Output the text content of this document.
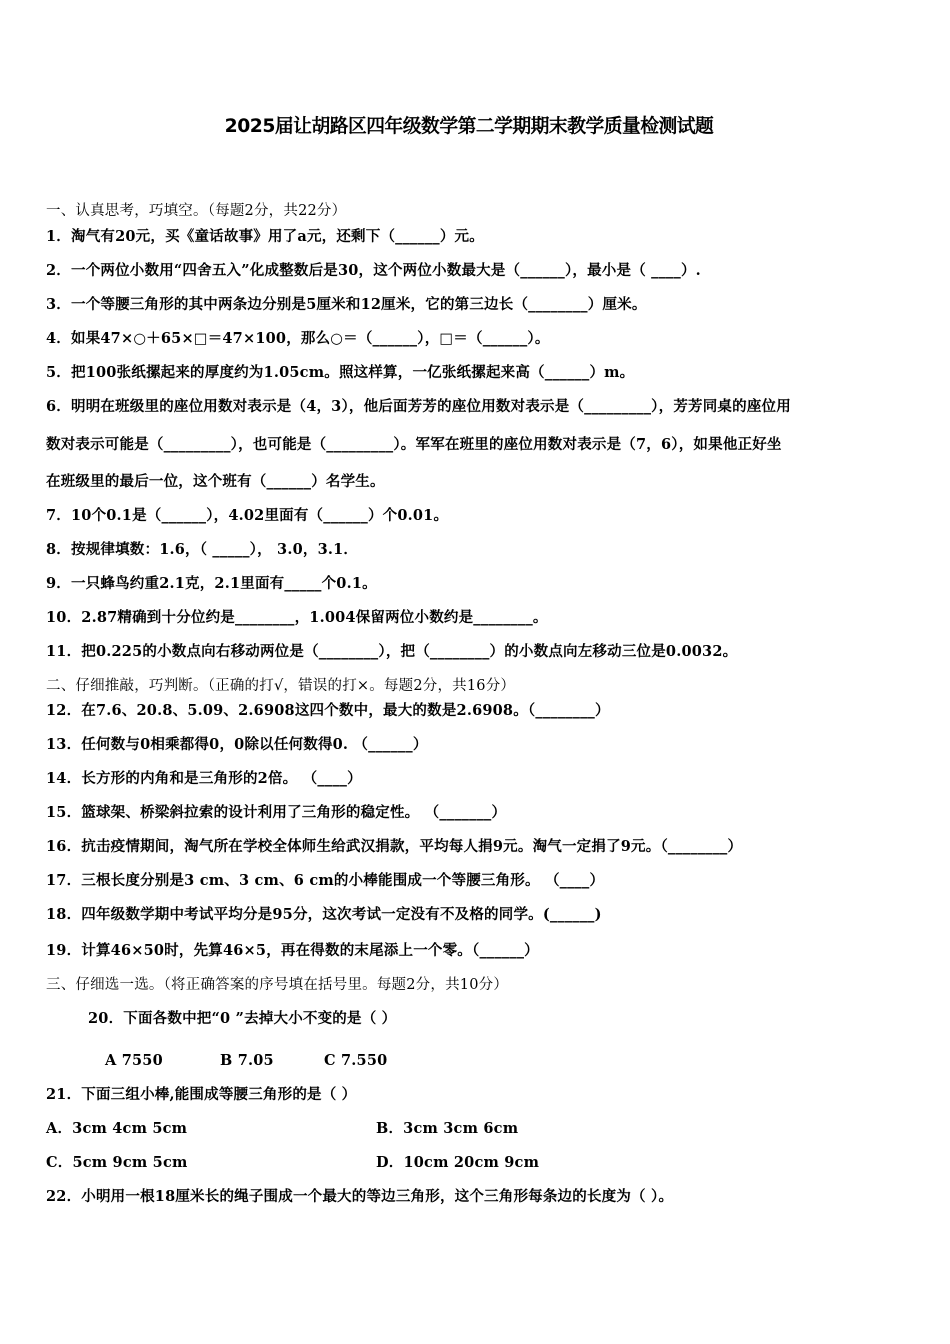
2025届让胡路区四年级数学第二学期期末教学质量检测试题
一、认真思考，巧填空。（每题2分，共22分）
1．淘气有20元，买《童话故事》用了a元，还剩下（______）元。
2．一个两位小数用“四舍五入”化成整数后是30，这个两位小数最大是（______），最小是（ ____）.
3．一个等腰三角形的其中两条边分别是5厘米和12厘米，它的第三边长（________）厘米。
4．如果47×○＋65×□＝47×100，那么○＝（______），□＝（______）。
5．把100张纸摞起来的厚度约为1.05cm。照这样算，一亿张纸摞起来高（______）m。
6．明明在班级里的座位用数对表示是（4，3），他后面芳芳的座位用数对表示是（_________），芳芳同桌的座位用
数对表示可能是（_________），也可能是（_________）。军军在班里的座位用数对表示是（7，6），如果他正好坐
在班级里的最后一位，这个班有（______）名学生。
7．10个0.1是（______），4.02里面有（______）个0.01。
8．按规律填数：1.6，（ _____）， 3.0，3.1．
9．一只蜂鸟约重2.1克，2.1里面有_____个0.1。
10．2.87精确到十分位约是________，1.004保留两位小数约是________。
11．把0.225的小数点向右移动两位是（________），把（________）的小数点向左移动三位是0.0032。
二、仔细推敲，巧判断。（正确的打√，错误的打×。每题2分，共16分）
12．在7.6、20.8、5.09、2.6908这四个数中，最大的数是2.6908。（________）
13．任何数与0相乘都得0，0除以任何数得0. （______）
14．长方形的内角和是三角形的2倍。 （____）
15．篮球架、桥梁斜拉索的设计利用了三角形的稳定性。 （_______）
16．抗击疫情期间，淘气所在学校全体师生给武汉捐款，平均每人捐9元。淘气一定捐了9元。（________）
17．三根长度分别是3 cm、3 cm、6 cm的小棒能围成一个等腰三角形。 （____）
18．四年级数学期中考试平均分是95分，这次考试一定没有不及格的同学。(______)
19．计算46×50时，先算46×5，再在得数的末尾添上一个零。（______）
三、仔细选一选。（将正确答案的序号填在括号里。每题2分，共10分）
20．下面各数中把“0 ”去掉大小不变的是（ ）
A 7550	B 7.05	C 7.550
21．下面三组小棒,能围成等腰三角形的是（ ）
A．3cm 4cm 5cm	B．3cm 3cm 6cm
C．5cm 9cm 5cm	D．10cm 20cm 9cm
22．小明用一根18厘米长的绳子围成一个最大的等边三角形，这个三角形每条边的长度为（ ）。
